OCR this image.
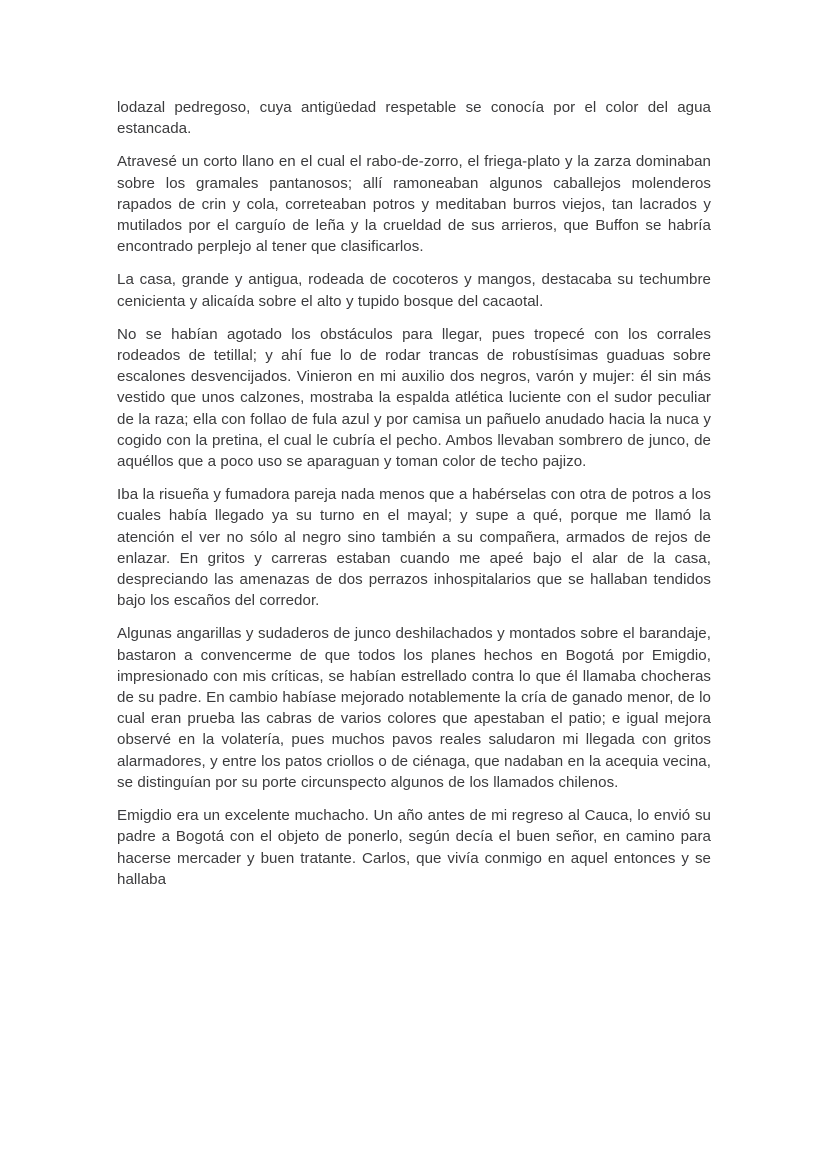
lodazal pedregoso, cuya antigüedad respetable se conocía por el color del agua estancada.

Atravesé un corto llano en el cual el rabo-de-zorro, el friega-plato y la zarza dominaban sobre los gramales pantanosos; allí ramoneaban algunos caballejos molenderos rapados de crin y cola, correteaban potros y meditaban burros viejos, tan lacrados y mutilados por el carguío de leña y la crueldad de sus arrieros, que Buffon se habría encontrado perplejo al tener que clasificarlos.

La casa, grande y antigua, rodeada de cocoteros y mangos, destacaba su techumbre cenicienta y alicaída sobre el alto y tupido bosque del cacaotal.

No se habían agotado los obstáculos para llegar, pues tropecé con los corrales rodeados de tetillal; y ahí fue lo de rodar trancas de robustísimas guaduas sobre escalones desvencijados. Vinieron en mi auxilio dos negros, varón y mujer: él sin más vestido que unos calzones, mostraba la espalda atlética luciente con el sudor peculiar de la raza; ella con follao de fula azul y por camisa un pañuelo anudado hacia la nuca y cogido con la pretina, el cual le cubría el pecho. Ambos llevaban sombrero de junco, de aquéllos que a poco uso se aparaguan y toman color de techo pajizo.

Iba la risueña y fumadora pareja nada menos que a habérselas con otra de potros a los cuales había llegado ya su turno en el mayal; y supe a qué, porque me llamó la atención el ver no sólo al negro sino también a su compañera, armados de rejos de enlazar. En gritos y carreras estaban cuando me apeé bajo el alar de la casa, despreciando las amenazas de dos perrazos inhospitalarios que se hallaban tendidos bajo los escaños del corredor.

Algunas angarillas y sudaderos de junco deshilachados y montados sobre el barandaje, bastaron a convencerme de que todos los planes hechos en Bogotá por Emigdio, impresionado con mis críticas, se habían estrellado contra lo que él llamaba chocheras de su padre. En cambio habíase mejorado notablemente la cría de ganado menor, de lo cual eran prueba las cabras de varios colores que apestaban el patio; e igual mejora observé en la volatería, pues muchos pavos reales saludaron mi llegada con gritos alarmadores, y entre los patos criollos o de ciénaga, que nadaban en la acequia vecina, se distinguían por su porte circunspecto algunos de los llamados chilenos.

Emigdio era un excelente muchacho. Un año antes de mi regreso al Cauca, lo envió su padre a Bogotá con el objeto de ponerlo, según decía el buen señor, en camino para hacerse mercader y buen tratante. Carlos, que vivía conmigo en aquel entonces y se hallaba
